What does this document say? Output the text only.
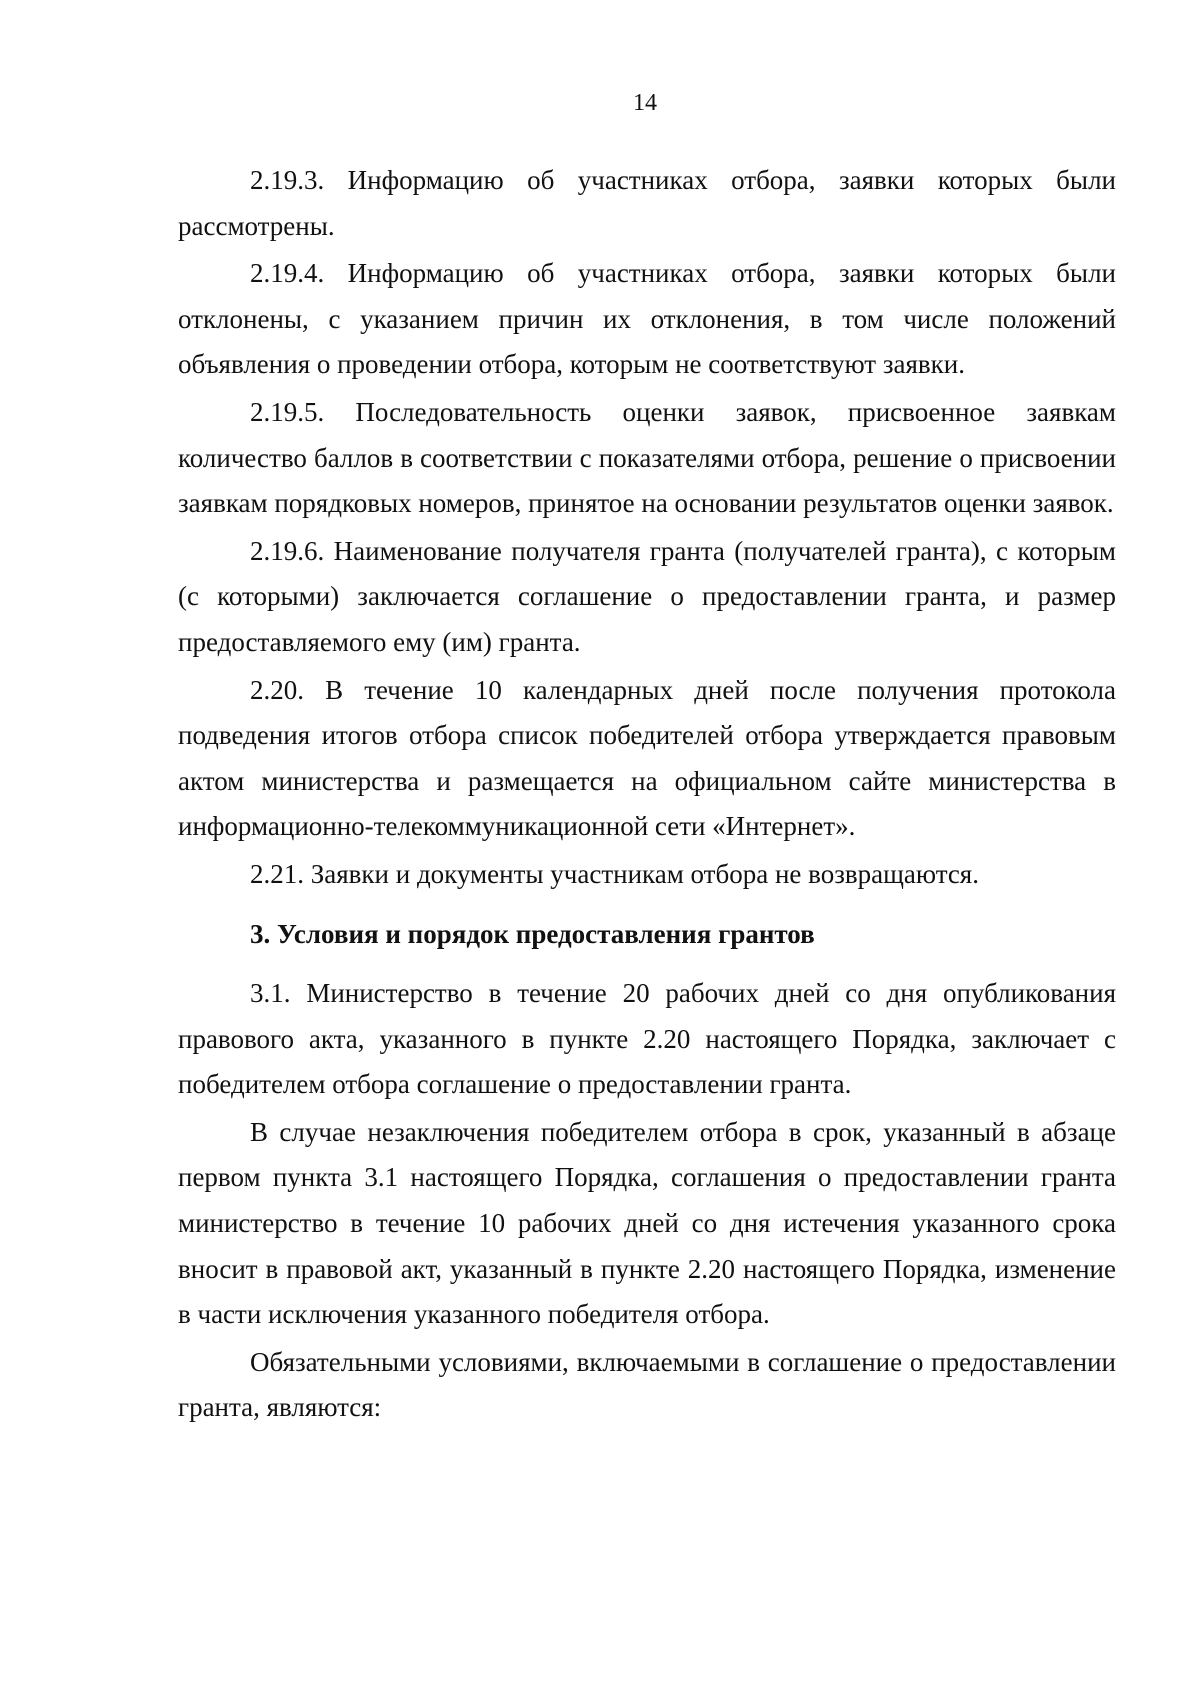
14

2.19.3. Информацию об участниках отбора, заявки которых были рассмотрены.

2.19.4. Информацию об участниках отбора, заявки которых были отклонены, с указанием причин их отклонения, в том числе положений объявления о проведении отбора, которым не соответствуют заявки.

2.19.5. Последовательность оценки заявок, присвоенное заявкам количество баллов в соответствии с показателями отбора, решение о присвоении заявкам порядковых номеров, принятое на основании результатов оценки заявок.

2.19.6. Наименование получателя гранта (получателей гранта), с которым (с которыми) заключается соглашение о предоставлении гранта, и размер предоставляемого ему (им) гранта.

2.20. В течение 10 календарных дней после получения протокола подведения итогов отбора список победителей отбора утверждается правовым актом министерства и размещается на официальном сайте министерства в информационно-телекоммуникационной сети «Интернет».

2.21. Заявки и документы участникам отбора не возвращаются.

3. Условия и порядок предоставления грантов

3.1. Министерство в течение 20 рабочих дней со дня опубликования правового акта, указанного в пункте 2.20 настоящего Порядка, заключает с победителем отбора соглашение о предоставлении гранта.

В случае незаключения победителем отбора в срок, указанный в абзаце первом пункта 3.1 настоящего Порядка, соглашения о предоставлении гранта министерство в течение 10 рабочих дней со дня истечения указанного срока вносит в правовой акт, указанный в пункте 2.20 настоящего Порядка, изменение в части исключения указанного победителя отбора.

Обязательными условиями, включаемыми в соглашение о предоставлении гранта, являются:
